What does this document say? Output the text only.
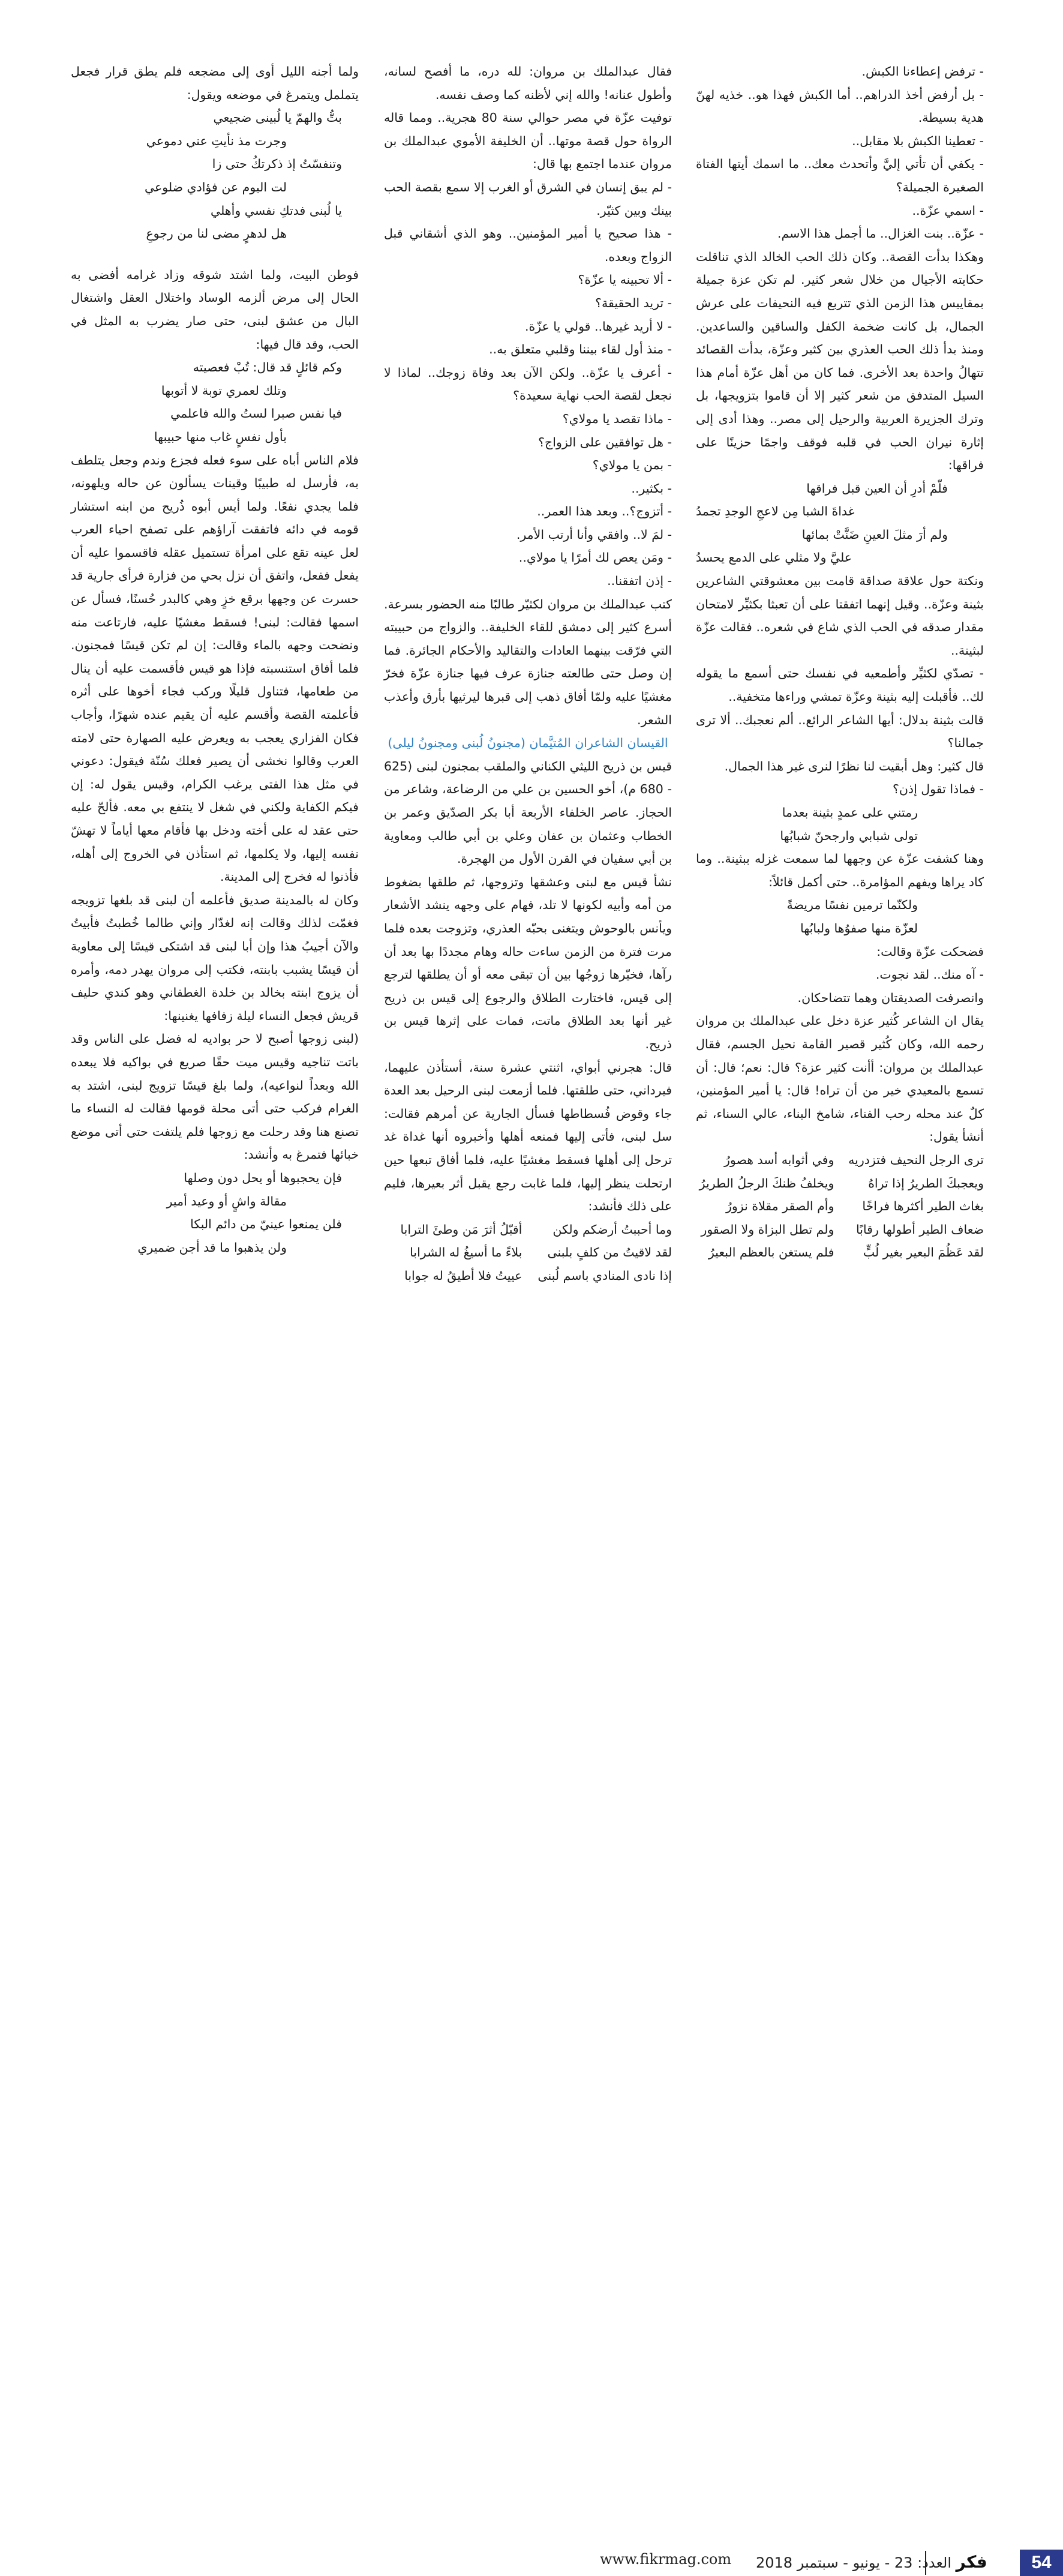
- ترفض إعطاءنا الكبش.

- بل أرفض أخذ الدراهم.. أما الكبش فهذا هو.. خذيه لهنّ هدية بسيطة.

- تعطينا الكبش بلا مقابل..

- يكفي أن تأتي إليَّ وأتحدث معك.. ما اسمك أيتها الفتاة الصغيرة الجميلة؟

- اسمي عزّة..

- عزّة.. بنت الغزال.. ما أجمل هذا الاسم.

وهكذا بدأت القصة.. وكان ذلك الحب الخالد الذي تناقلت حكايته الأجيال من خلال شعر كثير. لم تكن عزة جميلة بمقاييس هذا الزمن الذي تتربع فيه النحيفات على عرش الجمال، بل كانت ضخمة الكفل والساقين والساعدين. ومنذ بدأ ذلك الحب العذري بين كثير وعزّة، بدأت القصائد تتهالُ واحدة بعد الأخرى. فما كان من أهل عزّة أمام هذا السيل المتدفق من شعر كثير إلا أن قاموا بتزويجها، بل وترك الجزيرة العربية والرحيل إلى مصر.. وهذا أدى إلى إثارة نيران الحب في قلبه فوقف واجمًا حزينًا على فراقها:

فلّمْ أدرِ أن العين قبل فراقها

غداةَ الشبا مِن لاعجِ الوجدِ تجمدُ

ولم أرَ مثلَ العينِ ضَنَّتْ بمائها

عليَّ ولا مثلي على الدمع يحسدُ

ونكتة حول علاقة صداقة قامت بين معشوقتي الشاعرين بثينة وعزّة.. وقيل إنهما اتفقتا على أن تعبثا بكثيِّر لامتحان مقدار صدقه في الحب الذي شاع في شعره.. فقالت عزّة لبثينة..

- تصدّي لكثيِّر وأطمعيه في نفسك حتى أسمع ما يقوله لك.. فأقبلت إليه بثينة وعزّة تمشي وراءها متخفية..

قالت بثينة بدلال: أيها الشاعر الرائع.. ألم نعجبك.. ألا ترى جمالنا؟

قال كثير: وهل أبقيت لنا نظرًا لنرى غير هذا الجمال.

- فماذا تقول إذن؟

رمتني على عمدٍ بثينة بعدما

تولى شبابي وارجحنّ شبابُها

وهنا كشفت عزّة عن وجهها لما سمعت غزله ببثينة.. وما كاد يراها ويفهم المؤامرة.. حتى أكمل قائلاً:

ولكنّما ترمين نفسًا مريضةً

لعزّة منها صفوُها ولبابُها

فضحكت عزّة وقالت:

- آه منك.. لقد نجوت.

وانصرفت الصديقتان وهما تتضاحكان.

يقال ان الشاعر كُثير عزة دخل على عبدالملك بن مروان رحمه الله، وكان كُثير قصير القامة نحيل الجسم، فقال عبدالملك بن مروان: أأنت كثير عزة؟ قال: نعم؛ قال: أن تسمع بالمعيدي خير من أن تراه! قال: يا أمير المؤمنين، كلٌ عند محله رحب الفناء، شامخ البناء، عالي السناء، ثم أنشأ يقول:

ترى الرجل النحيف فتزدريه
وفي أثوابه أسد هصورُ
ويعجبكَ الطريرُ إذا تراهُ
ويخلفُ ظنكَ الرجلُ الطريرُ
بغاث الطير أكثرها فراخًا
وأم الصقر مقلاة نزورُ
ضعاف الطير أطولها رقابًا
ولم تطل البزاة ولا الصقور
لقد عَظُمَ البعير بغير لُبٍّ
فلم يستغن بالعظم البعيرُ

فقال عبدالملك بن مروان: لله دره، ما أفصح لسانه، وأطول عنانه! والله إني لأظنه كما وصف نفسه.

توفيت عزّة في مصر حوالي سنة 80 هجرية.. ومما قاله الرواة حول قصة موتها.. أن الخليفة الأموي عبدالملك بن مروان عندما اجتمع بها قال:

- لم يبق إنسان في الشرق أو الغرب إلا سمع بقصة الحب بينك وبين كثيّر.

- هذا صحيح يا أمير المؤمنين.. وهو الذي أشقاني قبل الزواج وبعده.

- ألا تحبينه يا عزّة؟

- تريد الحقيقة؟

- لا أريد غيرها.. قولي يا عزّة.

- منذ أول لقاء بيننا وقلبي متعلق به..

- أعرف يا عزّة.. ولكن الآن بعد وفاة زوجك.. لماذا لا نجعل لقصة الحب نهاية سعيدة؟

- ماذا تقصد يا مولاي؟

- هل توافقين على الزواج؟

- بمن يا مولاي؟

- بكثير..

- أتزوج؟.. وبعد هذا العمر..

- لمَ لا.. وافقي وأنا أرتب الأمر.

- ومَن يعص لك أمرًا يا مولاي..

- إذن اتفقنا..

كتب عبدالملك بن مروان لكثيّر طالبًا منه الحضور بسرعة. أسرع كثير إلى دمشق للقاء الخليفة.. والزواج من حبيبته التي فرّقت بينهما العادات والتقاليد والأحكام الجائرة. فما إن وصل حتى طالعته جنازة عرف فيها جنازة عزّة فخرّ مغشيًا عليه ولمّا أفاق ذهب إلى قبرها ليرثيها بأرق وأعذب الشعر.

القيسان الشاعران المُتيَّمان (مجنونُ لُبنى ومجنونُ ليلى)

قيس بن ذريح الليثي الكناني والملقب بمجنون لبنى (625 - 680 م)، أخو الحسين بن علي من الرضاعة، وشاعر من الحجاز. عاصر الخلفاء الأربعة أبا بكر الصدّيق وعمر بن الخطاب وعثمان بن عفان وعلي بن أبي طالب ومعاوية بن أبي سفيان في القرن الأول من الهجرة.

نشأ قيس مع لبنى وعشقها وتزوجها، ثم طلقها بضغوط من أمه وأبيه لكونها لا تلد، فهام على وجهه ينشد الأشعار ويأنس بالوحوش ويتغنى بحبّه العذري، وتزوجت بعده فلما مرت فترة من الزمن ساءت حاله وهام مجددًا بها بعد أن رآها، فخيّرها زوجُها بين أن تبقى معه أو أن يطلقها لترجع إلى قيس، فاختارت الطلاق والرجوع إلى قيس بن ذريح غير أنها بعد الطلاق ماتت، فمات على إثرها قيس بن ذريح.

قال: هجرني أبواي، اثنتي عشرة سنة، أستأذن عليهما، فيرداني، حتى طلقتها. فلما أزمعت لبنى الرحيل بعد العدة جاء وقوض فُسطاطها فسأل الجارية عن أمرهم فقالت: سل لبنى، فأتى إليها فمنعه أهلها وأخبروه أنها غداة غد ترحل إلى أهلها فسقط مغشيًا عليه، فلما أفاق تبعها حين ارتحلت ينظر إليها، فلما غابت رجع يقبل أثر بعيرها، فليم على ذلك فأنشد:

وما أحببتُ أرضكم ولكن
أقبّلُ أثرَ مَن وطئَ الترابا
لقد لاقيتُ من كلفٍ بلبنى
بلاءً ما أسيغُ له الشرابا
إذا نادى المنادي باسم لُبنى
عييتُ فلا أطيقُ له جوابا

ولما أجنه الليل أوى إلى مضجعه فلم يطق قرار فجعل يتململ ويتمرغ في موضعه ويقول:

بتُّ والهمّ يا لُبينى ضجيعي

وجرت مذ نأيتِ عني دموعي

وتنفسّتُ إذ ذكرتكُ حتى زا

لت اليوم عن فؤادي ضلوعي

يا لُبنى فدتكِ نفسي وأهلي

هل لدهرٍ مضى لنا من رجوعِ

فوطن البيت، ولما اشتد شوقه وزاد غرامه أفضى به الحال إلى مرض ألزمه الوساد واختلال العقل واشتغال البال من عشق لبنى، حتى صار يضرب به المثل في الحب، وقد قال فيها:

وكم قائلٍ قد قال: تُبْ فعصيته

وتلك لعمري توبة لا أتوبها

فيا نفس صبرا لستُ والله فاعلمي

بأول نفسٍ غاب منها حبيبها

فلام الناس أباه على سوء فعله فجزع وندم وجعل يتلطف به، فأرسل له طبيبًا وقينات يسألون عن حاله ويلهونه، فلما يجدي نفعًا. ولما أيس أبوه ذُريح من ابنه استشار قومه في دائه فاتفقت آراؤهم على تصفح احياء العرب لعل عينه تقع على امرأة تستميل عقله فاقسموا عليه أن يفعل ففعل، واتفق أن نزل بحي من فزارة فرأى جارية قد حسرت عن وجهها برقع خزٍ وهي كالبدر حُسنًا، فسأل عن اسمها فقالت: لبنى! فسقط مغشيًا عليه، فارتاعت منه ونضحت وجهه بالماء وقالت: إن لم تكن قيسًا فمجنون. فلما أفاق استنسبته فإذا هو قيس فأقسمت عليه أن ينال من طعامها، فتناول قليلًا وركب فجاء أخوها على أثره فأعلمته القصة وأقسم عليه أن يقيم عنده شهرًا، وأجاب فكان الفزاري يعجب به ويعرض عليه الصهارة حتى لامته العرب وقالوا نخشى أن يصير فعلك سُنّة فيقول: دعوني في مثل هذا الفتى يرغب الكرام، وقيس يقول له: إن فيكم الكفاية ولكني في شغل لا ينتفع بي معه. فألحّ عليه حتى عقد له على أخته ودخل بها فأقام معها أياماً لا تهشّ نفسه إليها، ولا يكلمها، ثم استأذن في الخروج إلى أهله، فأذنوا له فخرج إلى المدينة.

وكان له بالمدينة صديق فأعلمه أن لبنى قد بلغها تزويجه فغمّت لذلك وقالت إنه لغدّار وإني طالما خُطبتُ فأبيتُ والآن أجيبُ هذا وإن أبا لبنى قد اشتكى قيسًا إلى معاوية أن قيسًا يشبب بابنته، فكتب إلى مروان يهدر دمه، وأمره أن يزوج ابنته بخالد بن خلدة الغطفاني وهو كندي حليف قريش فجعل النساء ليلة زفافها يغنينها:

(لبنى زوجها أصبح لا حر بواديه له فضل على الناس وقد باتت تناجيه وقيس ميت حقًا صريع في بواكيه فلا يبعده الله وبعداً لنواعيه)، ولما بلغ قيسًا تزويج لبنى، اشتد به الغرام فركب حتى أتى محلة قومها فقالت له النساء ما تصنع هنا وقد رحلت مع زوجها فلم يلتفت حتى أتى موضع خبائها فتمرغ به وأنشد:

فإن يحجبوها أو يحل دون وصلها

مقالة واشٍ أو وعيد أمير

فلن يمنعوا عينيّ من دائم البكا

ولن يذهبوا ما قد أجن ضميري

54
فكر العدد: 23 - يونيو - سبتمبر 2018
www.fikrmag.com
